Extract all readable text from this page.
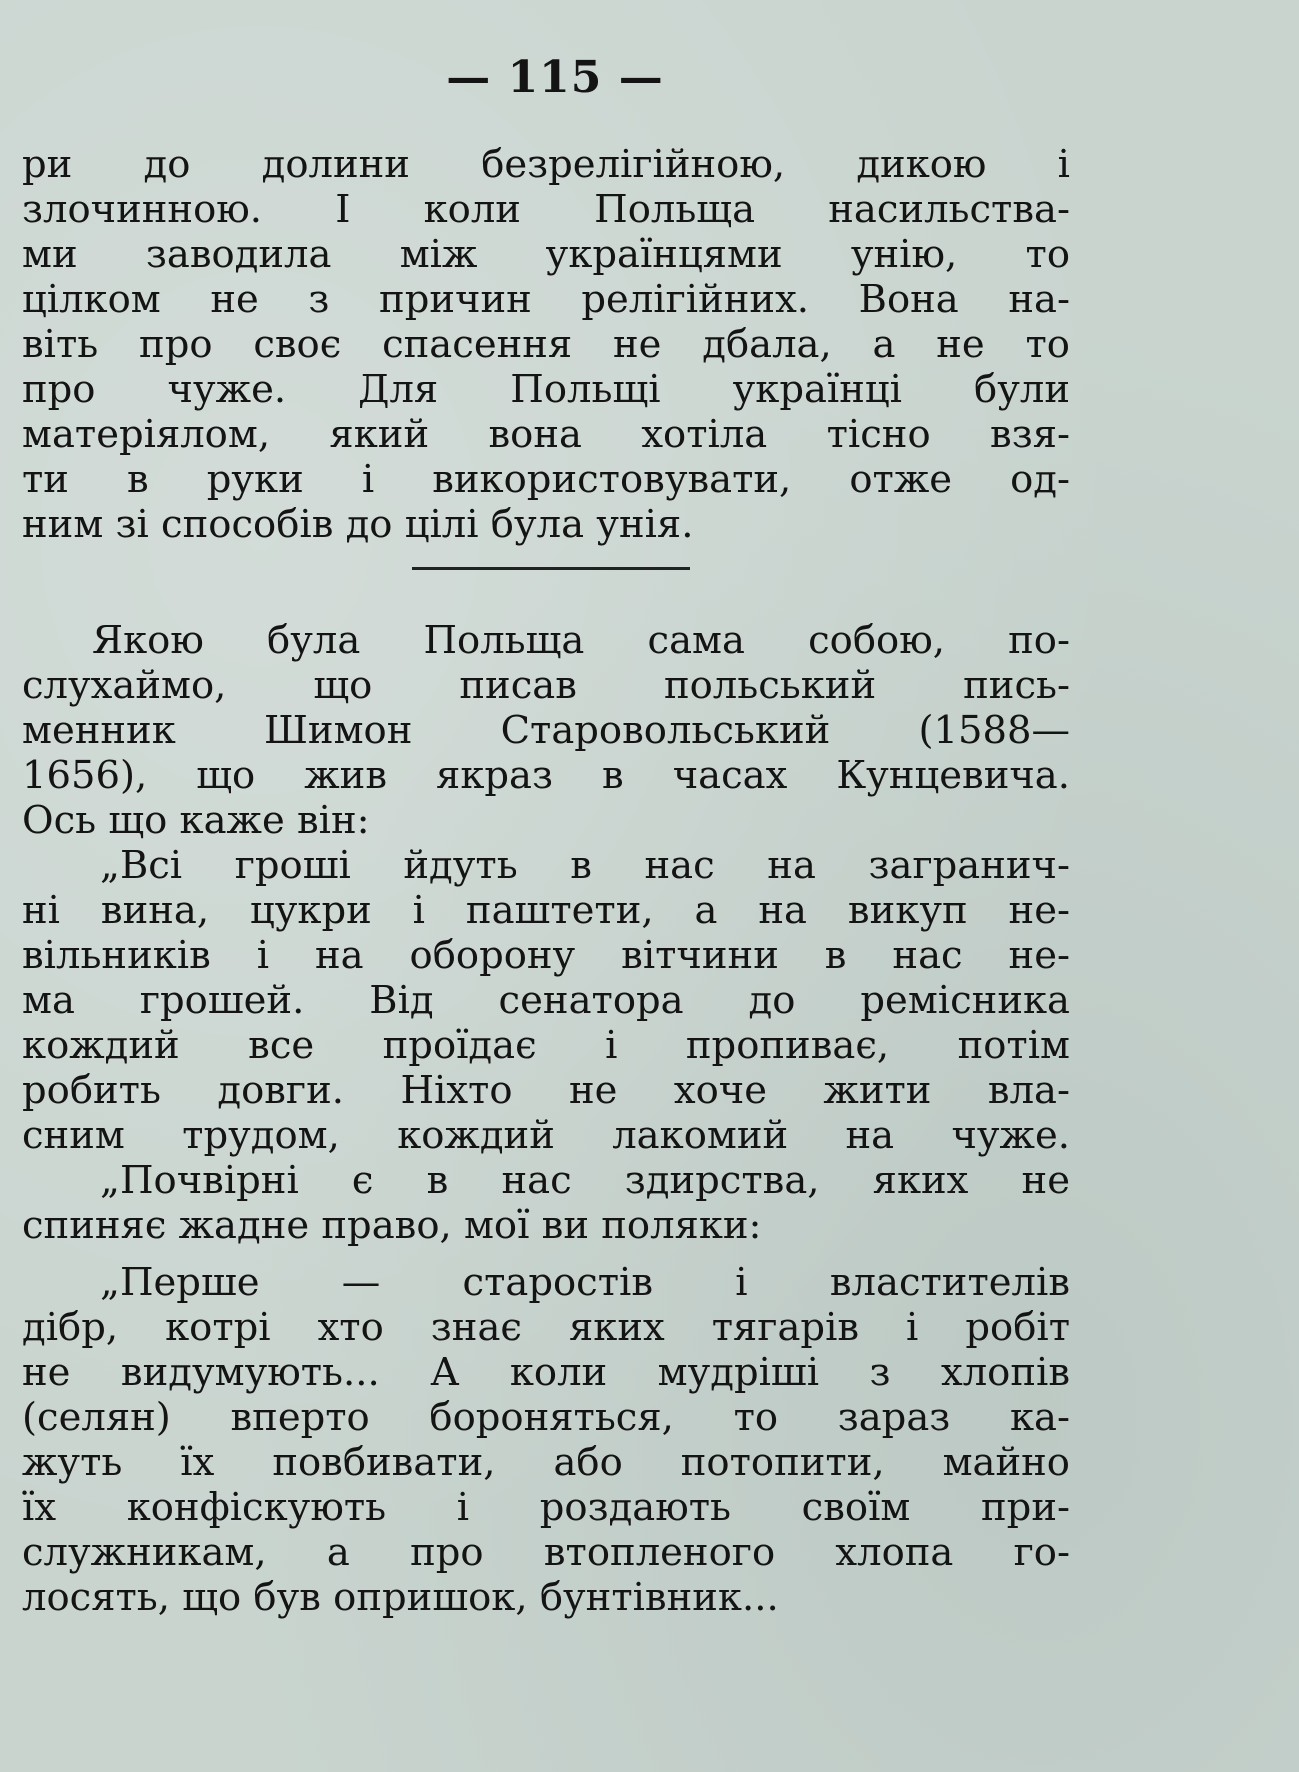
— 115 —
ри до долини безрелігійною, дикою і
злочинною. І коли Польща насильства-
ми заводила між українцями унію, то
цілком не з причин релігійних. Вона на-
віть про своє спасення не дбала, а не то
про чуже. Для Польщі українці були
матеріялом, який вона хотіла тісно взя-
ти в руки і використовувати, отже од-
ним зі способів до цілі була унія.
Якою була Польща сама собою, по-
слухаймо, що писав польський пись-
менник Шимон Старовольський (1588—
1656), що жив якраз в часах Кунцевича.
Ось що каже він:
„Всі гроші йдуть в нас на загранич-
ні вина, цукри і паштети, а на викуп не-
вільників і на оборону вітчини в нас не-
ма грошей. Від сенатора до ремісника
кождий все проїдає і пропиває, потім
робить довги. Ніхто не хоче жити вла-
сним трудом, кождий лакомий на чуже.
„Почвірні є в нас здирства, яких не
спиняє жадне право, мої ви поляки:
„Перше — старостів і властителів
дібр, котрі хто знає яких тягарів і робіт
не видумують... А коли мудріші з хлопів
(селян) вперто бороняться, то зараз ка-
жуть їх повбивати, або потопити, майно
їх конфіскують і роздають своїм при-
служникам, а про втопленого хлопа го-
лосять, що був опришок, бунтівник...
